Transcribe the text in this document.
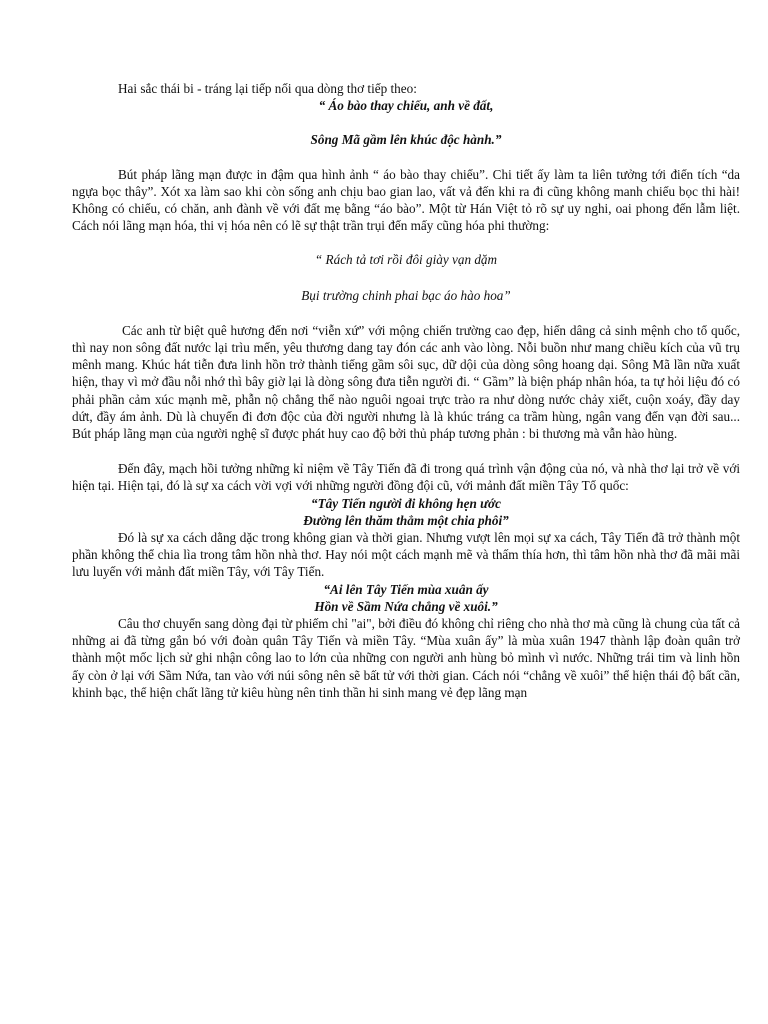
Hai sắc thái bi - tráng lại tiếp nối qua dòng thơ tiếp theo:

“ Áo bào thay chiếu, anh về đất,

Sông Mã gầm lên khúc độc hành.”

Bút pháp lãng mạn được in đậm qua hình ảnh “ áo bào thay chiếu”. Chi tiết ấy làm ta liên tưởng tới điển tích “da ngựa bọc thây”. Xót xa làm sao khi còn sống anh chịu bao gian lao, vất vả đến khi ra đi cũng không manh chiếu bọc thi hài! Không có chiếu, có chăn, anh đành về với đất mẹ bằng “áo bào”. Một từ Hán Việt tỏ rõ sự uy nghi, oai phong đến lẫm liệt. Cách nói lãng mạn hóa, thi vị hóa nên có lẽ sự thật trần trụi đến mấy cũng hóa phi thường:

“ Rách tả tơi rồi đôi giày vạn dặm

Bụi trường chinh phai bạc áo hào hoa”

Các anh từ biệt quê hương đến nơi “viễn xứ” với mộng chiến trường cao đẹp, hiến dâng cả sinh mệnh cho tổ quốc, thì nay non sông đất nước lại trìu mến, yêu thương dang tay đón các anh vào lòng. Nỗi buồn như mang chiều kích của vũ trụ mênh mang. Khúc hát tiễn đưa linh hồn trở thành tiếng gầm sôi sục, dữ dội của dòng sông hoang dại. Sông Mã lần nữa xuất hiện, thay vì mở đầu nỗi nhớ thì bây giờ lại là dòng sông đưa tiễn người đi. “ Gầm” là biện pháp nhân hóa, ta tự hỏi liệu đó có phải phần cảm xúc mạnh mẽ, phẫn nộ chẳng thể nào nguôi ngoai trực trào ra như dòng nước chảy xiết, cuộn xoáy, đầy day dứt, đầy ám ảnh. Dù là chuyến đi đơn độc của đời người nhưng là là khúc tráng ca trầm hùng, ngân vang đến vạn đời sau... Bút pháp lãng mạn của người nghệ sĩ được phát huy cao độ bởi thủ pháp tương phản : bi thương mà vẫn hào hùng.

Đến đây, mạch hồi tưởng những kỉ niệm về Tây Tiến đã đi trong quá trình vận động của nó, và nhà thơ lại trở về với hiện tại. Hiện tại, đó là sự xa cách vời vợi với những người đồng đội cũ, với mảnh đất miền Tây Tổ quốc:

“Tây Tiến người đi không hẹn ước

Đường lên thăm thẳm một chia phôi”

Đó là sự xa cách dằng dặc trong không gian và thời gian. Nhưng vượt lên mọi sự xa cách, Tây Tiến đã trở thành một phần không thể chia lìa trong tâm hồn nhà thơ. Hay nói một cách mạnh mẽ và thấm thía hơn, thì tâm hồn nhà thơ đã mãi mãi lưu luyến với mảnh đất miền Tây, với Tây Tiến.

“Ai lên Tây Tiến mùa xuân ấy

Hồn về Sầm Nứa chẳng về xuôi.”

Câu thơ chuyển sang dòng đại từ phiếm chỉ "ai", bởi điều đó không chỉ riêng cho nhà thơ mà cũng là chung của tất cả những ai đã từng gắn bó với đoàn quân Tây Tiến và miền Tây. “Mùa xuân ấy” là mùa xuân 1947 thành lập đoàn quân trở thành một mốc lịch sử ghi nhận công lao to lớn của những con người anh hùng bỏ mình vì nước. Những trái tim và linh hồn ấy còn ở lại với Sầm Nứa, tan vào với núi sông nên sẽ bất tử với thời gian. Cách nói “chẳng về xuôi” thể hiện thái độ bất cần, khinh bạc, thể hiện chất lãng tử kiêu hùng nên tinh thần hi sinh mang vẻ đẹp lãng mạn
